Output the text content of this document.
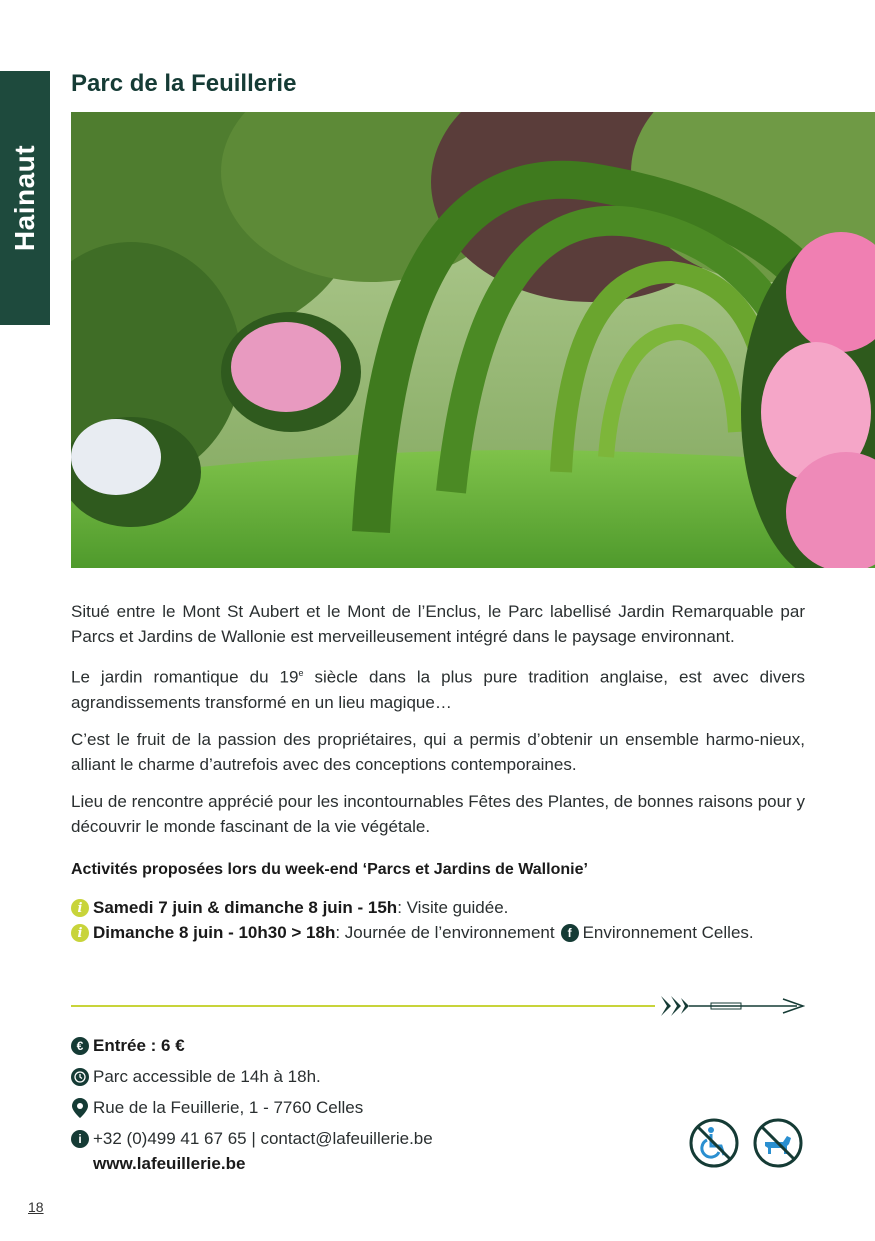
Hainaut
Parc de la Feuillerie

Situé entre le Mont St Aubert et le Mont de l’Enclus, le Parc labellisé Jardin Remarquable par Parcs et Jardins de Wallonie est merveilleusement intégré dans le paysage environnant.

Le jardin romantique du 19e siècle dans la plus pure tradition anglaise, est avec divers agrandissements transformé en un lieu magique…

C’est le fruit de la passion des propriétaires, qui a permis d’obtenir un ensemble harmo-nieux, alliant le charme d’autrefois avec des conceptions contemporaines.

Lieu de rencontre apprécié pour les incontournables Fêtes des Plantes, de bonnes raisons pour y découvrir le monde fascinant de la vie végétale.

Activités proposées lors du week-end ‘Parcs et Jardins de Wallonie’
i Samedi 7 juin & dimanche 8 juin - 15h : Visite guidée.
i Dimanche 8 juin - 10h30 > 18h : Journée de l’environnement	f Environnement Celles.
€ Entrée : 6 €
Parc accessible de 14h à 18h.
Rue de la Feuillerie, 1 - 7760 Celles
i +32 (0)499 41 67 65 | contact@lafeuillerie.be
www.lafeuillerie.be
18
